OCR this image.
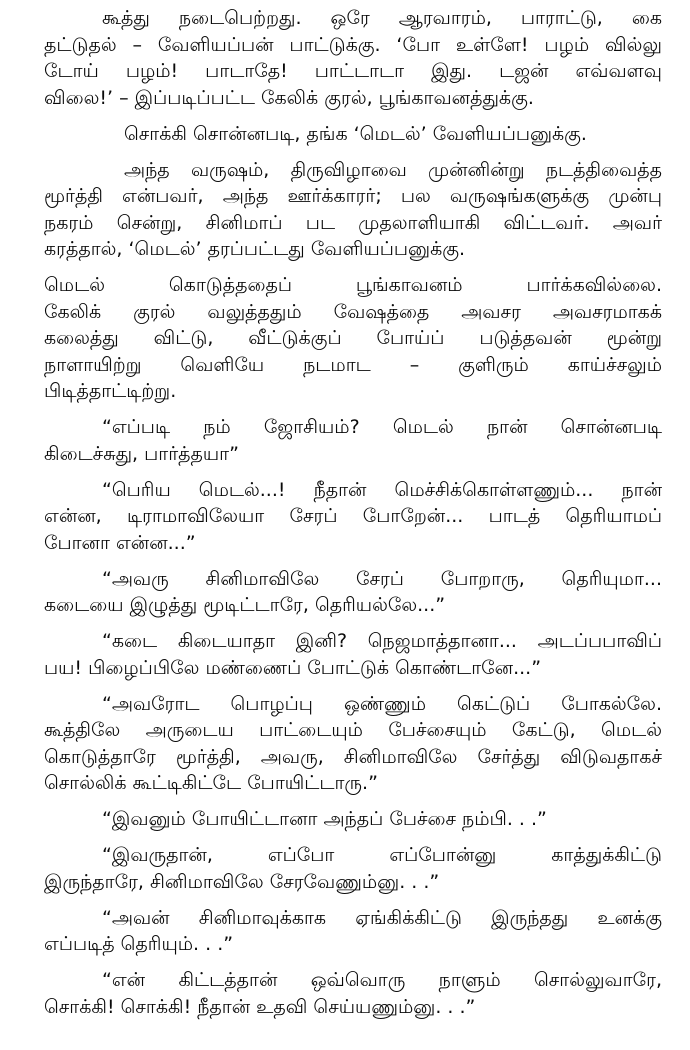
கூத்து நடைபெற்றது. ஒரே ஆரவாரம், பாராட்டு, கை
தட்டுதல் – வேளியப்பன் பாட்டுக்கு. ‘போ உள்ளே! பழம் வில்லு
டோய் பழம்! பாடாதே! பாட்டாடா இது. டஜன் எவ்வளவு
விலை!’ – இப்படிப்பட்ட கேலிக் குரல், பூங்காவனத்துக்கு.
சொக்கி சொன்னபடி, தங்க ‘மெடல்’ வேளியப்பனுக்கு.
அந்த வருஷம், திருவிழாவை முன்னின்று நடத்திவைத்த
மூர்த்தி என்பவர், அந்த ஊர்க்காரர்; பல வருஷங்களுக்கு முன்பு
நகரம் சென்று, சினிமாப் பட முதலாளியாகி விட்டவர். அவர்
கரத்தால், ‘மெடல்’ தரப்பட்டது வேளியப்பனுக்கு.
மெடல் கொடுத்ததைப் பூங்காவனம் பார்க்கவில்லை.
கேலிக் குரல் வலுத்ததும் வேஷத்தை அவசர அவசரமாகக்
கலைத்து விட்டு, வீட்டுக்குப் போய்ப் படுத்தவன் மூன்று
நாளாயிற்று வெளியே நடமாட – குளிரும் காய்ச்சலும்
பிடித்தாட்டிற்று.
“எப்படி நம் ஜோசியம்? மெடல் நான் சொன்னபடி
கிடைச்சுது, பார்த்தயா”
“பெரிய மெடல்...! நீதான் மெச்சிக்கொள்ளணும்... நான்
என்ன, டிராமாவிலேயா சேரப் போறேன்... பாடத் தெரியாமப்
போனா என்ன...”
“அவரு சினிமாவிலே சேரப் போறாரு, தெரியுமா...
கடையை இழுத்து மூடிட்டாரே, தெரியல்லே...”
“கடை கிடையாதா இனி? நெஜமாத்தானா... அடப்பபாவிப்
பய! பிழைப்பிலே மண்ணைப் போட்டுக் கொண்டானே...”
“அவரோட பொழப்பு ஒண்ணும் கெட்டுப் போகல்லே.
கூத்திலே அருடைய பாட்டையும் பேச்சையும் கேட்டு, மெடல்
கொடுத்தாரே மூர்த்தி, அவரு, சினிமாவிலே சேர்த்து விடுவதாகச்
சொல்லிக் கூட்டிகிட்டே போயிட்டாரு.”
“இவனும் போயிட்டானா அந்தப் பேச்சை நம்பி. . .”
“இவருதான், எப்போ எப்போன்னு காத்துக்கிட்டு
இருந்தாரே, சினிமாவிலே சேரவேணும்னு. . .”
“அவன் சினிமாவுக்காக ஏங்கிக்கிட்டு இருந்தது உனக்கு
எப்படித் தெரியும். . .”
“என் கிட்டத்தான் ஒவ்வொரு நாளும் சொல்லுவாரே,
சொக்கி! சொக்கி! நீதான் உதவி செய்யணும்னு. . .”
